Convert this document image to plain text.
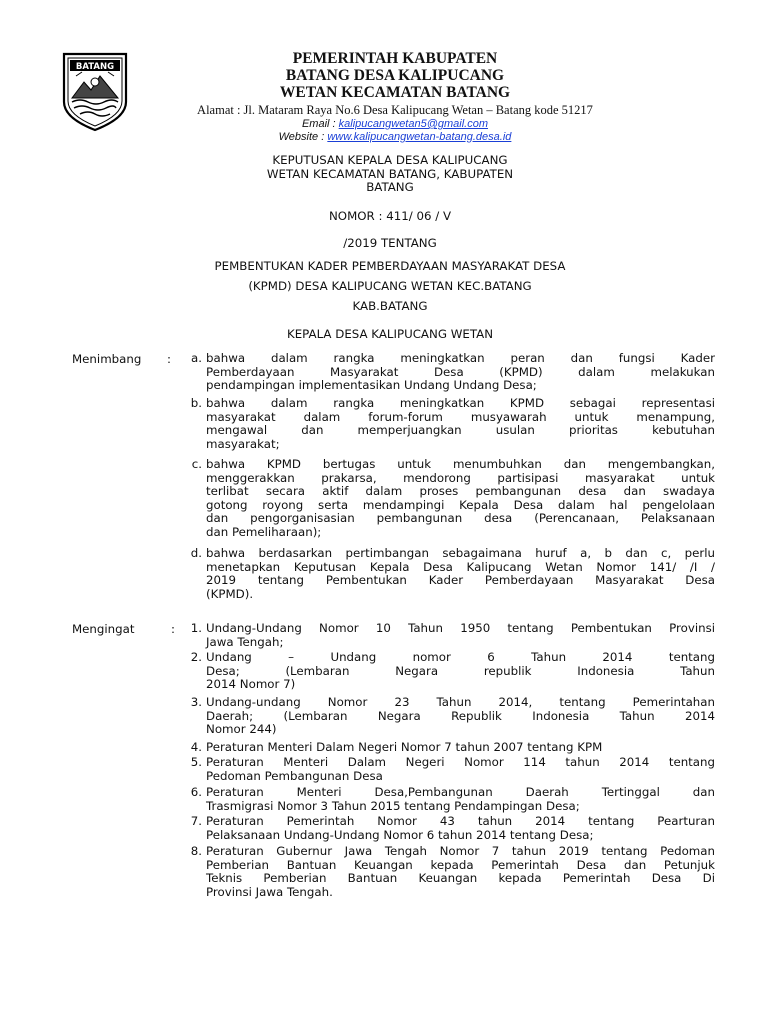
BATANG	PEMERINTAH KABUPATEN
BATANG DESA KALIPUCANG
WETAN KECAMATAN BATANG
Alamat : Jl. Mataram Raya No.6 Desa Kalipucang Wetan – Batang kode 51217
Email : kalipucangwetan5@gmail.com
Website : www.kalipucangwetan-batang.desa.id
KEPUTUSAN KEPALA DESA KALIPUCANG
WETAN KECAMATAN BATANG, KABUPATEN
BATANG
NOMOR : 411/ 06 / V
/2019 TENTANG
PEMBENTUKAN KADER PEMBERDAYAAN MASYARAKAT DESA
(KPMD) DESA KALIPUCANG WETAN KEC.BATANG
KAB.BATANG
KEPALA DESA KALIPUCANG WETAN
Menimbang : a. bahwa dalam rangka meningkatkan peran dan fungsi Kader
Pemberdayaan Masyarakat Desa (KPMD) dalam melakukan
pendampingan implementasikan Undang Undang Desa;
b. bahwa dalam rangka meningkatkan KPMD sebagai representasi
masyarakat dalam forum-forum musyawarah untuk menampung,
mengawal dan memperjuangkan usulan prioritas kebutuhan
masyarakat;
c. bahwa KPMD bertugas untuk menumbuhkan dan mengembangkan,
menggerakkan prakarsa, mendorong partisipasi masyarakat untuk
terlibat secara aktif dalam proses pembangunan desa dan swadaya
gotong royong serta mendampingi Kepala Desa dalam hal pengelolaan
dan pengorganisasian pembangunan desa (Perencanaan, Pelaksanaan
dan Pemeliharaan);
d. bahwa berdasarkan pertimbangan sebagaimana huruf a, b dan c, perlu
menetapkan Keputusan Kepala Desa Kalipucang Wetan Nomor 141/ /I /
2019 tentang Pembentukan Kader Pemberdayaan Masyarakat Desa
(KPMD).
Mengingat	: 1. Undang-Undang Nomor 10 Tahun 1950 tentang Pembentukan Provinsi
Jawa Tengah;
2. Undang – Undang nomor 6 Tahun 2014 tentang
Desa; (Lembaran Negara republik Indonesia Tahun
2014 Nomor 7)
3. Undang-undang Nomor 23 Tahun 2014, tentang Pemerintahan
Daerah; (Lembaran Negara Republik Indonesia Tahun 2014
Nomor 244)
4. Peraturan Menteri Dalam Negeri Nomor 7 tahun 2007 tentang KPM
5. Peraturan Menteri Dalam Negeri Nomor 114 tahun 2014 tentang
Pedoman Pembangunan Desa
6. Peraturan Menteri Desa,Pembangunan Daerah Tertinggal dan
Trasmigrasi Nomor 3 Tahun 2015 tentang Pendampingan Desa;
7. Peraturan Pemerintah Nomor 43 tahun 2014 tentang Pearturan
Pelaksanaan Undang-Undang Nomor 6 tahun 2014 tentang Desa;
8. Peraturan Gubernur Jawa Tengah Nomor 7 tahun 2019 tentang Pedoman
Pemberian Bantuan Keuangan kepada Pemerintah Desa dan Petunjuk
Teknis Pemberian Bantuan Keuangan kepada Pemerintah Desa Di
Provinsi Jawa Tengah.
